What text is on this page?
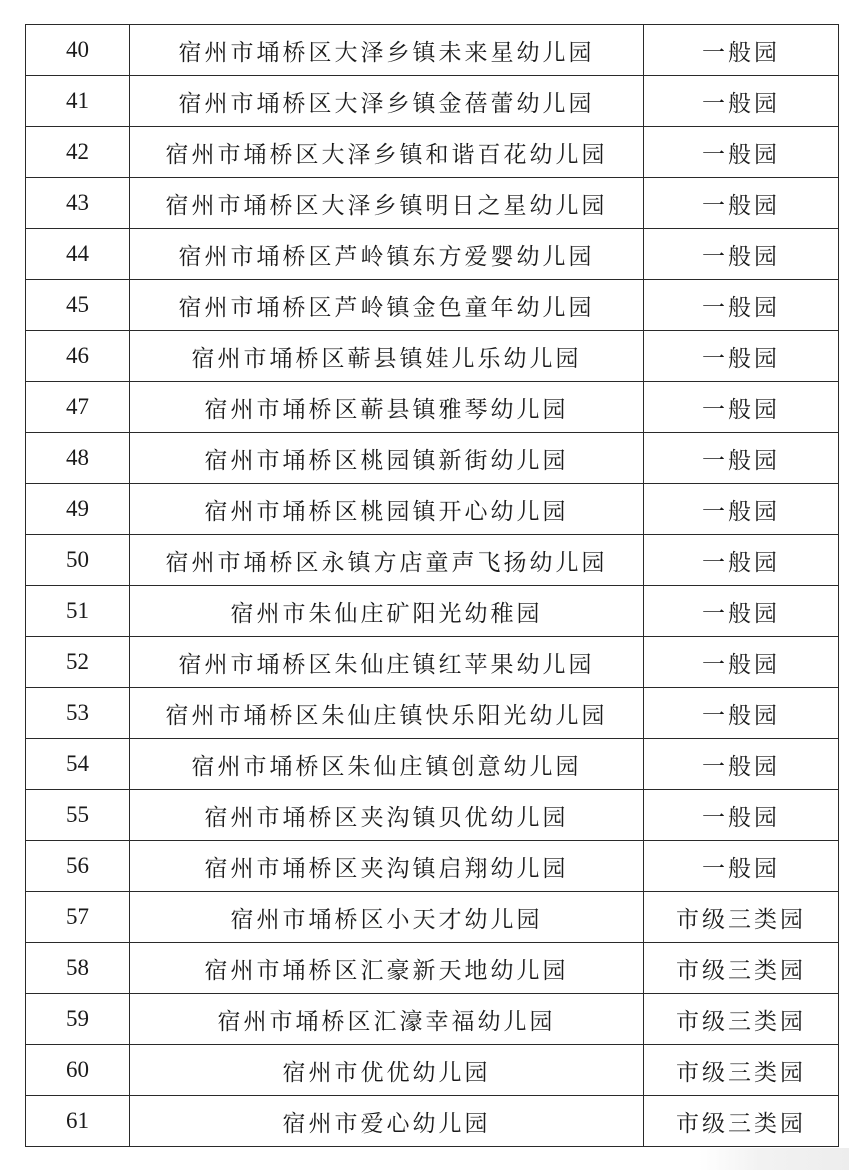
40	宿州市埇桥区大泽乡镇未来星幼儿园	一般园
41	宿州市埇桥区大泽乡镇金蓓蕾幼儿园	一般园
42	宿州市埇桥区大泽乡镇和谐百花幼儿园	一般园
43	宿州市埇桥区大泽乡镇明日之星幼儿园	一般园
44	宿州市埇桥区芦岭镇东方爱婴幼儿园	一般园
45	宿州市埇桥区芦岭镇金色童年幼儿园	一般园
46	宿州市埇桥区蕲县镇娃儿乐幼儿园	一般园
47	宿州市埇桥区蕲县镇雅琴幼儿园	一般园
48	宿州市埇桥区桃园镇新街幼儿园	一般园
49	宿州市埇桥区桃园镇开心幼儿园	一般园
50	宿州市埇桥区永镇方店童声飞扬幼儿园	一般园
51	宿州市朱仙庄矿阳光幼稚园	一般园
52	宿州市埇桥区朱仙庄镇红苹果幼儿园	一般园
53	宿州市埇桥区朱仙庄镇快乐阳光幼儿园	一般园
54	宿州市埇桥区朱仙庄镇创意幼儿园	一般园
55	宿州市埇桥区夹沟镇贝优幼儿园	一般园
56	宿州市埇桥区夹沟镇启翔幼儿园	一般园
57	宿州市埇桥区小天才幼儿园	市级三类园
58	宿州市埇桥区汇豪新天地幼儿园	市级三类园
59	宿州市埇桥区汇濠幸福幼儿园	市级三类园
60	宿州市优优幼儿园	市级三类园
61	宿州市爱心幼儿园	市级三类园
